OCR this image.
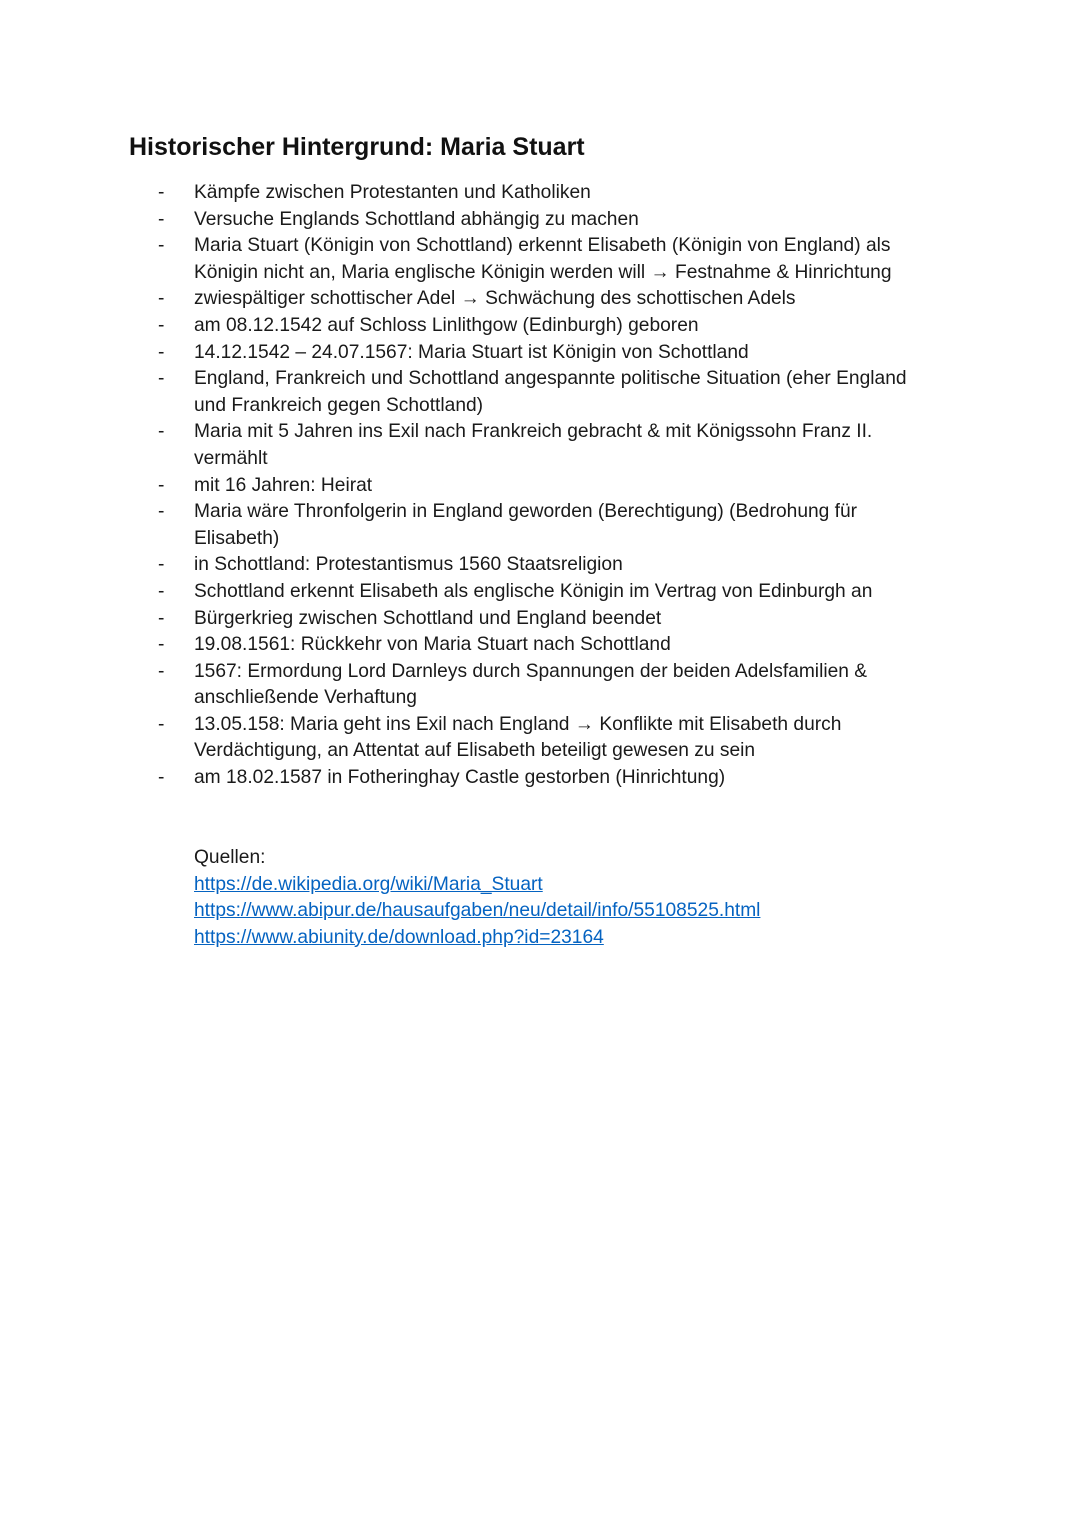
Historischer Hintergrund: Maria Stuart
- Kämpfe zwischen Protestanten und Katholiken
- Versuche Englands Schottland abhängig zu machen
- Maria Stuart (Königin von Schottland) erkennt Elisabeth (Königin von England) als Königin nicht an, Maria englische Königin werden will → Festnahme & Hinrichtung
- zwiespältiger schottischer Adel → Schwächung des schottischen Adels
- am 08.12.1542 auf Schloss Linlithgow (Edinburgh) geboren
- 14.12.1542 – 24.07.1567: Maria Stuart ist Königin von Schottland
- England, Frankreich und Schottland angespannte politische Situation (eher England und Frankreich gegen Schottland)
- Maria mit 5 Jahren ins Exil nach Frankreich gebracht & mit Königssohn Franz II. vermählt
- mit 16 Jahren: Heirat
- Maria wäre Thronfolgerin in England geworden (Berechtigung) (Bedrohung für Elisabeth)
- in Schottland: Protestantismus 1560 Staatsreligion
- Schottland erkennt Elisabeth als englische Königin im Vertrag von Edinburgh an
- Bürgerkrieg zwischen Schottland und England beendet
- 19.08.1561: Rückkehr von Maria Stuart nach Schottland
- 1567: Ermordung Lord Darnleys durch Spannungen der beiden Adelsfamilien & anschließende Verhaftung
- 13.05.158: Maria geht ins Exil nach England → Konflikte mit Elisabeth durch Verdächtigung, an Attentat auf Elisabeth beteiligt gewesen zu sein
- am 18.02.1587 in Fotheringhay Castle gestorben (Hinrichtung)
Quellen:
https://de.wikipedia.org/wiki/Maria_Stuart
https://www.abipur.de/hausaufgaben/neu/detail/info/55108525.html
https://www.abiunity.de/download.php?id=23164
